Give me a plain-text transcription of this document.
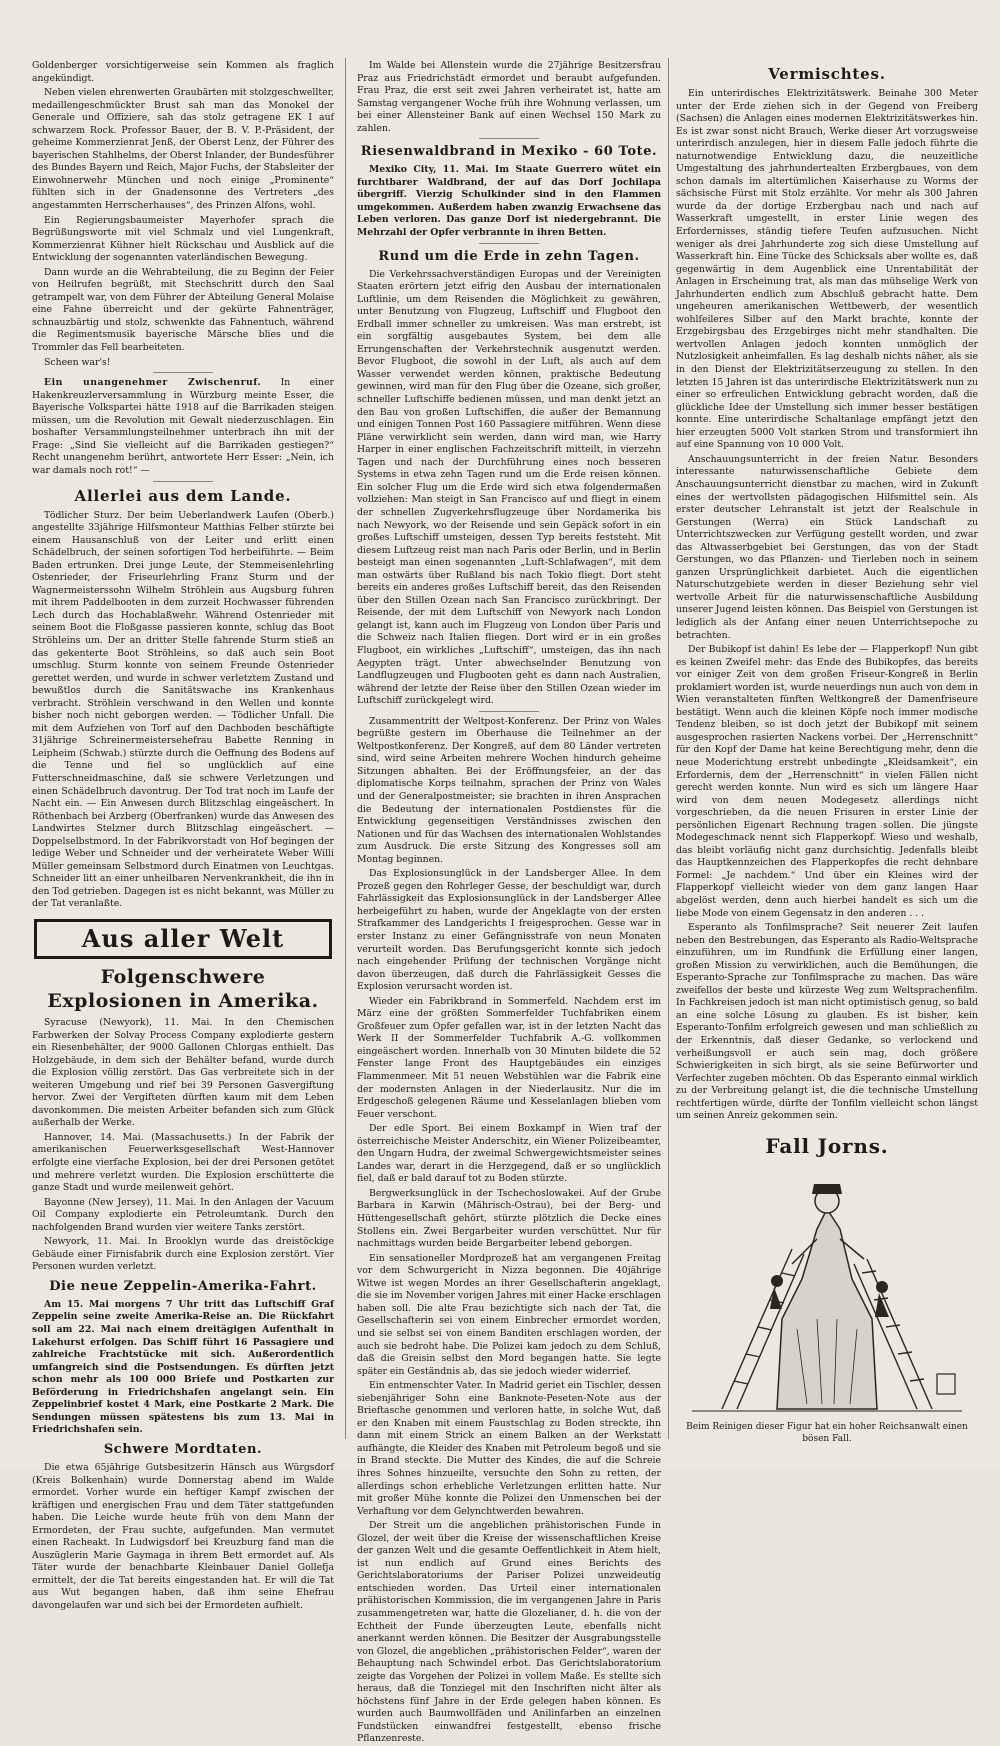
Goldenberger vorsichtigerweise sein Kommen als fraglich angekündigt.

Neben vielen ehrenwerten Graubärten mit stolzgeschwellter, medaillengeschmückter Brust sah man das Monokel der Generale und Offiziere, sah das stolz getragene EK I auf schwarzem Rock. Professor Bauer, der B. V. P.-Präsident, der geheime Kommerzienrat Jenß, der Oberst Lenz, der Führer des bayerischen Stahlhelms, der Oberst Inlander, der Bundesführer des Bundes Bayern und Reich, Major Fuchs, der Stabsleiter der Einwohnerwehr München und noch einige „Prominente“ fühlten sich in der Gnadensonne des Vertreters „des angestammten Herrscherhauses“, des Prinzen Alfons, wohl.

Ein Regierungsbaumeister Mayerhofer sprach die Begrüßungsworte mit viel Schmalz und viel Lungenkraft, Kommerzienrat Kühner hielt Rückschau und Ausblick auf die Entwicklung der sogenannten vaterländischen Bewegung.

Dann wurde an die Wehrabteilung, die zu Beginn der Feier von Heilrufen begrüßt, mit Stechschritt durch den Saal getrampelt war, von dem Führer der Abteilung General Molaise eine Fahne überreicht und der gekürte Fahnenträger, schnauzbärtig und stolz, schwenkte das Fahnentuch, während die Regimentsmusik bayerische Märsche blies und die Trommler das Fell bearbeiteten.

Scheen war's!

Ein unangenehmer Zwischenruf. In einer Hakenkreuzlerversammlung in Würzburg meinte Esser, die Bayerische Volkspartei hätte 1918 auf die Barrikaden steigen müssen, um die Revolution mit Gewalt niederzuschlagen. Ein boshafter Versammlungsteilnehmer unterbrach ihn mit der Frage: „Sind Sie vielleicht auf die Barrikaden gestiegen?“ Recht unangenehm berührt, antwortete Herr Esser: „Nein, ich war damals noch rot!“ —

Allerlei aus dem Lande.

Tödlicher Sturz. Der beim Ueberlandwerk Laufen (Oberb.) angestellte 33jährige Hilfsmonteur Matthias Felber stürzte bei einem Hausanschluß von der Leiter und erlitt einen Schädelbruch, der seinen sofortigen Tod herbeiführte. — Beim Baden ertrunken. Drei junge Leute, der Stemmeisenlehrling Ostenrieder, der Friseurlehrling Franz Sturm und der Wagnermeisterssohn Wilhelm Ströhlein aus Augsburg fuhren mit ihrem Paddelbooten in dem zurzeit Hochwasser führenden Lech durch das Hochablaßwehr. Während Ostenrieder mit seinem Boot die Floßgasse passieren konnte, schlug das Boot Ströhleins um. Der an dritter Stelle fahrende Sturm stieß an das gekenterte Boot Ströhleins, so daß auch sein Boot umschlug. Sturm konnte von seinem Freunde Ostenrieder gerettet werden, und wurde in schwer verletztem Zustand und bewußtlos durch die Sanitätswache ins Krankenhaus verbracht. Ströhlein verschwand in den Wellen und konnte bisher noch nicht geborgen werden. — Tödlicher Unfall. Die mit dem Aufziehen von Torf auf den Dachboden beschäftigte 31jährige Schreinermeistersehefrau Babette Renning in Leipheim (Schwab.) stürzte durch die Oeffnung des Bodens auf die Tenne und fiel so unglücklich auf eine Futterschneidmaschine, daß sie schwere Verletzungen und einen Schädelbruch davontrug. Der Tod trat noch im Laufe der Nacht ein. — Ein Anwesen durch Blitzschlag eingeäschert. In Röthenbach bei Arzberg (Oberfranken) wurde das Anwesen des Landwirtes Stelzner durch Blitzschlag eingeäschert. — Doppelselbstmord. In der Fabrikvorstadt von Hof begingen der ledige Weber und Schneider und der verheiratete Weber Willi Müller gemeinsam Selbstmord durch Einatmen von Leuchtgas. Schneider litt an einer unheilbaren Nervenkrankheit, die ihn in den Tod getrieben. Dagegen ist es nicht bekannt, was Müller zu der Tat veranlaßte.

Aus aller Welt
Folgenschwere Explosionen in Amerika.

Syracuse (Newyork), 11. Mai. In den Chemischen Farbwerken der Solvay Process Company explodierte gestern ein Riesenbehälter, der 9000 Gallonen Chlorgas enthielt. Das Holzgebäude, in dem sich der Behälter befand, wurde durch die Explosion völlig zerstört. Das Gas verbreitete sich in der weiteren Umgebung und rief bei 39 Personen Gasvergiftung hervor. Zwei der Vergifteten dürften kaum mit dem Leben davonkommen. Die meisten Arbeiter befanden sich zum Glück außerhalb der Werke.

Hannover, 14. Mai. (Massachusetts.) In der Fabrik der amerikanischen Feuerwerksgesellschaft West-Hannover erfolgte eine vierfache Explosion, bei der drei Personen getötet und mehrere verletzt wurden. Die Explosion erschütterte die ganze Stadt und wurde meilenweit gehört.

Bayonne (New Jersey), 11. Mai. In den Anlagen der Vacuum Oil Company explodierte ein Petroleumtank. Durch den nachfolgenden Brand wurden vier weitere Tanks zerstört.

Newyork, 11. Mai. In Brooklyn wurde das dreistöckige Gebäude einer Firnisfabrik durch eine Explosion zerstört. Vier Personen wurden verletzt.

Die neue Zeppelin-Amerika-Fahrt.

Am 15. Mai morgens 7 Uhr tritt das Luftschiff Graf Zeppelin seine zweite Amerika-Reise an. Die Rückfahrt soll am 22. Mai nach einem dreitägigen Aufenthalt in Lakehurst erfolgen. Das Schiff führt 16 Passagiere und zahlreiche Frachtstücke mit sich. Außerordentlich umfangreich sind die Postsendungen. Es dürften jetzt schon mehr als 100 000 Briefe und Postkarten zur Beförderung in Friedrichshafen angelangt sein. Ein Zeppelinbrief kostet 4 Mark, eine Postkarte 2 Mark. Die Sendungen müssen spätestens bis zum 13. Mai in Friedrichshafen sein.

Schwere Mordtaten.

Die etwa 65jährige Gutsbesitzerin Hänsch aus Würgsdorf (Kreis Bolkenhain) wurde Donnerstag abend im Walde ermordet. Vorher wurde ein heftiger Kampf zwischen der kräftigen und energischen Frau und dem Täter stattgefunden haben. Die Leiche wurde heute früh von dem Mann der Ermordeten, der Frau suchte, aufgefunden. Man vermutet einen Racheakt. In Ludwigsdorf bei Kreuzburg fand man die Auszüglerin Marie Gaymaga in ihrem Bett ermordet auf. Als Täter wurde der benachbarte Kleinbauer Daniel Gollefja ermittelt, der die Tat bereits eingestanden hat. Er will die Tat aus Wut begangen haben, daß ihm seine Ehefrau davongelaufen war und sich bei der Ermordeten aufhielt.

Im Walde bei Allenstein wurde die 27jährige Besitzersfrau Praz aus Friedrichstädt ermordet und beraubt aufgefunden. Frau Praz, die erst seit zwei Jahren verheiratet ist, hatte am Samstag vergangener Woche früh ihre Wohnung verlassen, um bei einer Allensteiner Bank auf einen Wechsel 150 Mark zu zahlen.

Riesenwaldbrand in Mexiko - 60 Tote.

Mexiko City, 11. Mai. Im Staate Guerrero wütet ein furchtbarer Waldbrand, der auf das Dorf Jochilapa übergriff. Vierzig Schulkinder sind in den Flammen umgekommen. Außerdem haben zwanzig Erwachsene das Leben verloren. Das ganze Dorf ist niedergebrannt. Die Mehrzahl der Opfer verbrannte in ihren Betten.

Rund um die Erde in zehn Tagen.

Die Verkehrssachverständigen Europas und der Vereinigten Staaten erörtern jetzt eifrig den Ausbau der internationalen Luftlinie, um dem Reisenden die Möglichkeit zu gewähren, unter Benutzung von Flugzeug, Luftschiff und Flugboot den Erdball immer schneller zu umkreisen. Was man erstrebt, ist ein sorgfältig ausgebautes System, bei dem alle Errungenschaften der Verkehrstechnik ausgenutzt werden. Bevor Flugboot, die sowohl in der Luft, als auch auf dem Wasser verwendet werden können, praktische Bedeutung gewinnen, wird man für den Flug über die Ozeane, sich großer, schneller Luftschiffe bedienen müssen, und man denkt jetzt an den Bau von großen Luftschiffen, die außer der Bemannung und einigen Tonnen Post 160 Passagiere mitführen. Wenn diese Pläne verwirklicht sein werden, dann wird man, wie Harry Harper in einer englischen Fachzeitschrift mitteilt, in vierzehn Tagen und nach der Durchführung eines noch besseren Systems in etwa zehn Tagen rund um die Erde reisen können. Ein solcher Flug um die Erde wird sich etwa folgendermaßen vollziehen: Man steigt in San Francisco auf und fliegt in einem der schnellen Zugverkehrsflugzeuge über Nordamerika bis nach Newyork, wo der Reisende und sein Gepäck sofort in ein großes Luftschiff umsteigen, dessen Typ bereits feststeht. Mit diesem Luftzeug reist man nach Paris oder Berlin, und in Berlin besteigt man einen sogenannten „Luft-Schlafwagen“, mit dem man ostwärts über Rußland bis nach Tokio fliegt. Dort steht bereits ein anderes großes Luftschiff bereit, das den Reisenden über den Stillen Ozean nach San Francisco zurückbringt. Der Reisende, der mit dem Luftschiff von Newyork nach London gelangt ist, kann auch im Flugzeug von London über Paris und die Schweiz nach Italien fliegen. Dort wird er in ein großes Flugboot, ein wirkliches „Luftschiff“, umsteigen, das ihn nach Aegypten trägt. Unter abwechselnder Benutzung von Landflugzeugen und Flugbooten geht es dann nach Australien, während der letzte der Reise über den Stillen Ozean wieder im Luftschiff zurückgelegt wird.

Zusammentritt der Weltpost-Konferenz. Der Prinz von Wales begrüßte gestern im Oberhause die Teilnehmer an der Weltpostkonferenz. Der Kongreß, auf dem 80 Länder vertreten sind, wird seine Arbeiten mehrere Wochen hindurch geheime Sitzungen abhalten. Bei der Eröffnungsfeier, an der das diplomatische Korps teilnahm, sprachen der Prinz von Wales und der Generalpostmeister; sie brachten in ihren Ansprachen die Bedeutung der internationalen Postdienstes für die Entwicklung gegenseitigen Verständnisses zwischen den Nationen und für das Wachsen des internationalen Wohlstandes zum Ausdruck. Die erste Sitzung des Kongresses soll am Montag beginnen.

Das Explosionsunglück in der Landsberger Allee. In dem Prozeß gegen den Rohrleger Gesse, der beschuldigt war, durch Fahrlässigkeit das Explosionsunglück in der Landsberger Allee herbeigeführt zu haben, wurde der Angeklagte von der ersten Strafkammer des Landgerichts I freigesprochen. Gesse war in erster Instanz zu einer Gefängnisstrafe von neun Monaten verurteilt worden. Das Berufungsgericht konnte sich jedoch nach eingehender Prüfung der technischen Vorgänge nicht davon überzeugen, daß durch die Fahrlässigkeit Gesses die Explosion verursacht worden ist.

Wieder ein Fabrikbrand in Sommerfeld. Nachdem erst im März eine der größten Sommerfelder Tuchfabriken einem Großfeuer zum Opfer gefallen war, ist in der letzten Nacht das Werk II der Sommerfelder Tuchfabrik A.-G. vollkommen eingeäschert worden. Innerhalb von 30 Minuten bildete die 52 Fenster lange Front des Hauptgebäudes ein einziges Flammenmeer. Mit 51 neuen Webstühlen war die Fabrik eine der modernsten Anlagen in der Niederlausitz. Nur die im Erdgeschoß gelegenen Räume und Kesselanlagen blieben vom Feuer verschont.

Der edle Sport. Bei einem Boxkampf in Wien traf der österreichische Meister Anderschitz, ein Wiener Polizeibeamter, den Ungarn Hudra, der zweimal Schwergewichtsmeister seines Landes war, derart in die Herzgegend, daß er so unglücklich fiel, daß er bald darauf tot zu Boden stürzte.

Bergwerksunglück in der Tschechoslowakei. Auf der Grube Barbara in Karwin (Mährisch-Ostrau), bei der Berg- und Hüttengesellschaft gehört, stürzte plötzlich die Decke eines Stollens ein. Zwei Bergarbeiter wurden verschüttet. Nur für nachmittags wurden beide Bergarbeiter lebend geborgen.

Ein sensationeller Mordprozeß hat am vergangenen Freitag vor dem Schwurgericht in Nizza begonnen. Die 40jährige Witwe ist wegen Mordes an ihrer Gesellschafterin angeklagt, die sie im November vorigen Jahres mit einer Hacke erschlagen haben soll. Die alte Frau bezichtigte sich nach der Tat, die Gesellschafterin sei von einem Einbrecher ermordet worden, und sie selbst sei von einem Banditen erschlagen worden, der auch sie bedroht habe. Die Polizei kam jedoch zu dem Schluß, daß die Greisin selbst den Mord begangen hatte. Sie legte später ein Geständnis ab, das sie jedoch wieder widerrief.

Ein entmenschter Vater. In Madrid geriet ein Tischler, dessen siebenjähriger Sohn eine Banknote-Peseten-Note aus der Brieftasche genommen und verloren hatte, in solche Wut, daß er den Knaben mit einem Faustschlag zu Boden streckte, ihn dann mit einem Strick an einem Balken an der Werkstatt aufhängte, die Kleider des Knaben mit Petroleum begoß und sie in Brand steckte. Die Mutter des Kindes, die auf die Schreie ihres Sohnes hinzueilte, versuchte den Sohn zu retten, der allerdings schon erhebliche Verletzungen erlitten hatte. Nur mit großer Mühe konnte die Polizei den Unmenschen bei der Verhaftung vor dem Gelynchtwerden bewahren.

Der Streit um die angeblichen prähistorischen Funde in Glozel, der weit über die Kreise der wissenschaftlichen Kreise der ganzen Welt und die gesamte Oeffentlichkeit in Atem hielt, ist nun endlich auf Grund eines Berichts des Gerichtslaboratoriums der Pariser Polizei unzweideutig entschieden worden. Das Urteil einer internationalen prähistorischen Kommission, die im vergangenen Jahre in Paris zusammengetreten war, hatte die Glozelianer, d. h. die von der Echtheit der Funde überzeugten Leute, ebenfalls nicht anerkannt werden können. Die Besitzer der Ausgrabungsstelle von Glozel, die angeblichen „prähistorischen Felder“, waren der Behauptung nach Schwindel erbot. Das Gerichtslaboratorium zeigte das Vorgehen der Polizei in vollem Maße. Es stellte sich heraus, daß die Tonziegel mit den Inschriften nicht älter als höchstens fünf Jahre in der Erde gelegen haben können. Es wurden auch Baumwollfäden und Anilinfarben an einzelnen Fundstücken einwandfrei festgestellt, ebenso frische Pflanzenreste.

Vermischtes.

Ein unterirdisches Elektrizitätswerk. Beinahe 300 Meter unter der Erde ziehen sich in der Gegend von Freiberg (Sachsen) die Anlagen eines modernen Elektrizitätswerkes hin. Es ist zwar sonst nicht Brauch, Werke dieser Art vorzugsweise unterirdisch anzulegen, hier in diesem Falle jedoch führte die naturnotwendige Entwicklung dazu, die neuzeitliche Umgestaltung des jahrhundertealten Erzbergbaues, von dem schon damals im altertümlichen Kaiserhause zu Worms der sächsische Fürst mit Stolz erzählte. Vor mehr als 300 Jahren wurde da der dortige Erzbergbau nach und nach auf Wasserkraft umgestellt, in erster Linie wegen des Erfordernisses, ständig tiefere Teufen aufzusuchen. Nicht weniger als drei Jahrhunderte zog sich diese Umstellung auf Wasserkraft hin. Eine Tücke des Schicksals aber wollte es, daß gegenwärtig in dem Augenblick eine Unrentabilität der Anlagen in Erscheinung trat, als man das mühselige Werk von Jahrhunderten endlich zum Abschluß gebracht hatte. Dem ungeheuren amerikanischen Wettbewerb, der wesentlich wohlfeileres Silber auf den Markt brachte, konnte der Erzgebirgsbau des Erzgebirges nicht mehr standhalten. Die wertvollen Anlagen jedoch konnten unmöglich der Nutzlosigkeit anheimfallen. Es lag deshalb nichts näher, als sie in den Dienst der Elektrizitätserzeugung zu stellen. In den letzten 15 Jahren ist das unterirdische Elektrizitätswerk nun zu einer so erfreulichen Entwicklung gebracht worden, daß die glückliche Idee der Umstellung sich immer besser bestätigen konnte. Eine unterirdische Schaltanlage empfängt jetzt den hier erzeugten 5000 Volt starken Strom und transformiert ihn auf eine Spannung von 10 000 Volt.

Anschauungsunterricht in der freien Natur. Besonders interessante naturwissenschaftliche Gebiete dem Anschauungsunterricht dienstbar zu machen, wird in Zukunft eines der wertvollsten pädagogischen Hilfsmittel sein. Als erster deutscher Lehranstalt ist jetzt der Realschule in Gerstungen (Werra) ein Stück Landschaft zu Unterrichtszwecken zur Verfügung gestellt worden, und zwar das Altwasserbgebiet bei Gerstungen, das von der Stadt Gerstungen, wo das Pflanzen- und Tierleben noch in seinem ganzen Ursprünglichkeit darbietet. Auch die eigentlichen Naturschutzgebiete werden in dieser Beziehung sehr viel wertvolle Arbeit für die naturwissenschaftliche Ausbildung unserer Jugend leisten können. Das Beispiel von Gerstungen ist lediglich als der Anfang einer neuen Unterrichtsepoche zu betrachten.

Der Bubikopf ist dahin! Es lebe der — Flapperkopf! Nun gibt es keinen Zweifel mehr: das Ende des Bubikopfes, das bereits vor einiger Zeit von dem großen Friseur-Kongreß in Berlin proklamiert worden ist, wurde neuerdings nun auch von dem in Wien veranstalteten fünften Weltkongreß der Damenfriseure bestätigt. Wenn auch die kleinen Köpfe noch immer modische Tendenz bleiben, so ist doch jetzt der Bubikopf mit seinem ausgesprochen rasierten Nackens vorbei. Der „Herrenschnitt“ für den Kopf der Dame hat keine Berechtigung mehr, denn die neue Moderichtung erstrebt unbedingte „Kleidsamkeit“, ein Erfordernis, dem der „Herrenschnitt“ in vielen Fällen nicht gerecht werden konnte. Nun wird es sich um längere Haar wird von dem neuen Modegesetz allerdings nicht vorgeschrieben, da die neuen Frisuren in erster Linie der persönlichen Eigenart Rechnung tragen sollen. Die jüngste Modegeschmack nennt sich Flapperkopf. Wieso und weshalb, das bleibt vorläufig nicht ganz durchsichtig. Jedenfalls bleibt das Hauptkennzeichen des Flapperkopfes die recht dehnbare Formel: „Je nachdem.“ Und über ein Kleines wird der Flapperkopf vielleicht wieder von dem ganz langen Haar abgelöst werden, denn auch hierbei handelt es sich um die liebe Mode von einem Gegensatz in den anderen . . .

Esperanto als Tonfilmsprache? Seit neuerer Zeit laufen neben den Bestrebungen, das Esperanto als Radio-Weltsprache einzuführen, um im Rundfunk die Erfüllung einer langen, großen Mission zu verwirklichen, auch die Bemühungen, die Esperanto-Sprache zur Tonfilmsprache zu machen. Das wäre zweifellos der beste und kürzeste Weg zum Weltsprachenfilm. In Fachkreisen jedoch ist man nicht optimistisch genug, so bald an eine solche Lösung zu glauben. Es ist bisher, kein Esperanto-Tonfilm erfolgreich gewesen und man schließlich zu der Erkenntnis, daß dieser Gedanke, so verlockend und verheißungsvoll er auch sein mag, doch größere Schwierigkeiten in sich birgt, als sie seine Befürworter und Verfechter zugeben möchten. Ob das Esperanto einmal wirklich zu der Verbreitung gelangt ist, die die technische Umstellung rechtfertigen würde, dürfte der Tonfilm vielleicht schon längst um seinen Anreiz gekommen sein.

Fall Jorns.

Beim Reinigen dieser Figur hat ein hoher Reichsanwalt einen bösen Fall.
